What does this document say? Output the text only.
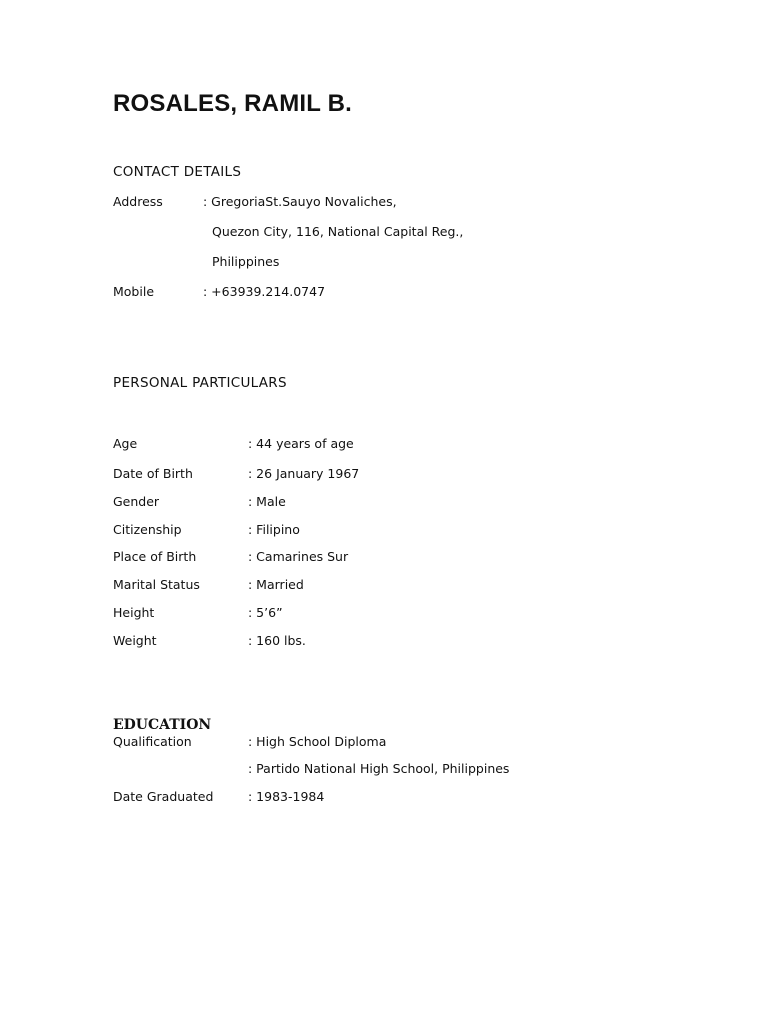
ROSALES, RAMIL B.
CONTACT DETAILS
Address	: GregoriaSt.Sauyo Novaliches,
Quezon City, 116, National Capital Reg.,
Philippines
Mobile	: +63939.214.0747
PERSONAL PARTICULARS
Age	: 44 years of age
Date of Birth	: 26 January 1967
Gender	: Male
Citizenship	: Filipino
Place of Birth	: Camarines Sur
Marital Status	: Married
Height	: 5’6”
Weight	: 160 lbs.
EDUCATION
Qualification	: High School Diploma
: Partido National High School, Philippines
Date Graduated	: 1983-1984
